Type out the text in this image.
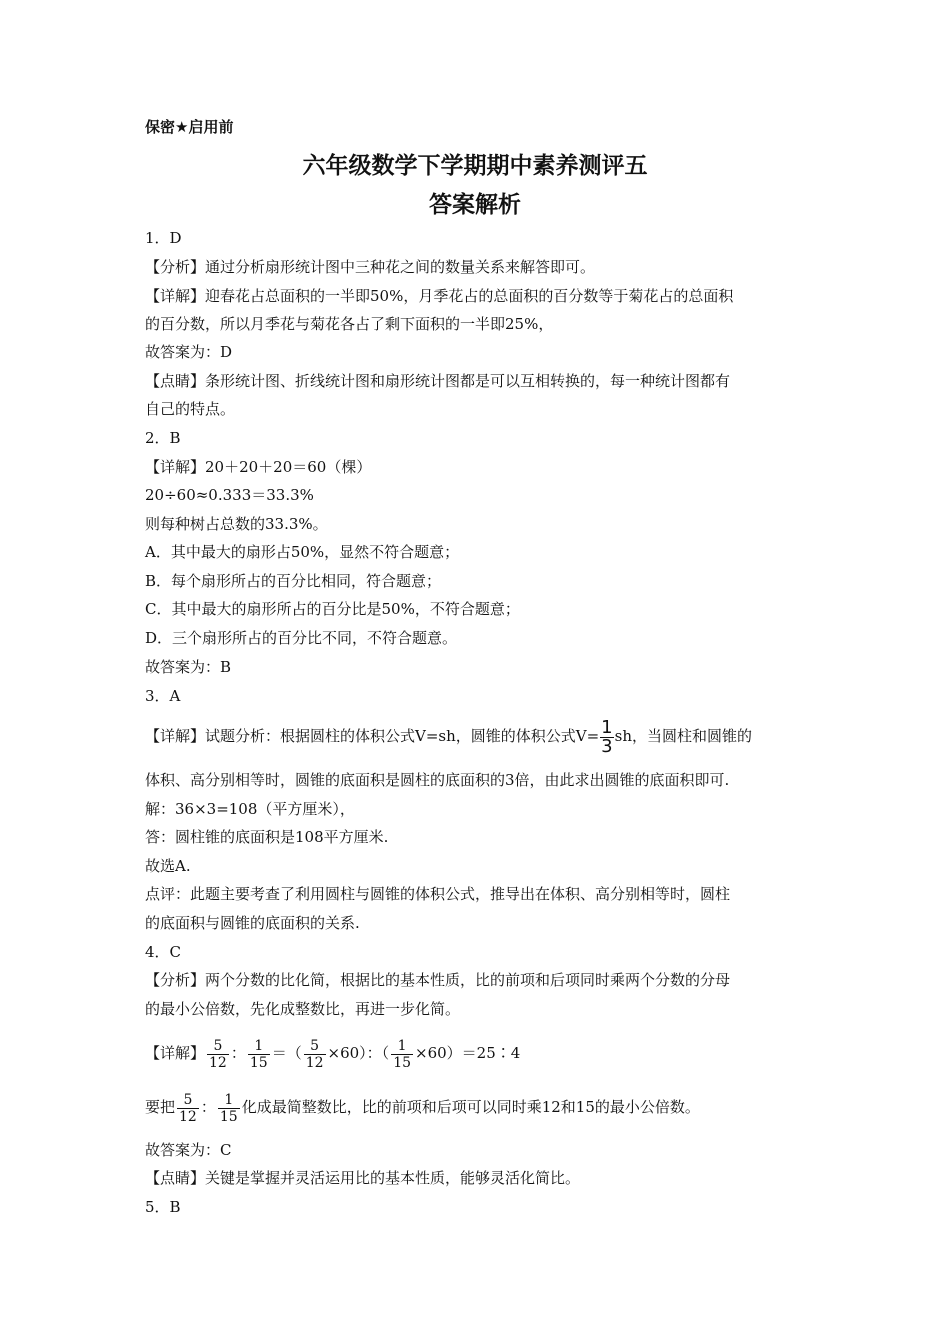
保密★启用前
六年级数学下学期期中素养测评五
答案解析
1．D
【分析】通过分析扇形统计图中三种花之间的数量关系来解答即可。
【详解】迎春花占总面积的一半即50%，月季花占的总面积的百分数等于菊花占的总面积
的百分数，所以月季花与菊花各占了剩下面积的一半即25%，
故答案为：D
【点睛】条形统计图、折线统计图和扇形统计图都是可以互相转换的，每一种统计图都有
自己的特点。
2．B
【详解】20＋20＋20＝60（棵）
20÷60≈0.333＝33.3%
则每种树占总数的33.3%。
A．其中最大的扇形占50%，显然不符合题意；
B．每个扇形所占的百分比相同，符合题意；
C．其中最大的扇形所占的百分比是50%，不符合题意；
D．三个扇形所占的百分比不同，不符合题意。
故答案为：B
3．A
【详解】试题分析：根据圆柱的体积公式V=sh，圆锥的体积公式$V= \frac{1}{3}$ sh，当圆柱和圆锥的
体积、高分别相等时，圆锥的底面积是圆柱的底面积的3倍，由此求出圆锥的底面积即可.
解：36×3=108（平方厘米），
答：圆柱锥的底面积是108平方厘米.
故选A.
点评：此题主要考查了利用圆柱与圆锥的体积公式，推导出在体积、高分别相等时，圆柱
的底面积与圆锥的底面积的关系.
4．C
【分析】两个分数的比化简，根据比的基本性质，比的前项和后项同时乘两个分数的分母
的最小公倍数，先化成整数比，再进一步化简。
【详解】 $\frac{5}{12}$ ： $\frac{1}{15}$ ＝（ $\frac{5}{12} \times 60$）：（ $\frac{1}{15}$ ×60）＝25∶4
要把 $\frac{5}{12}$ ： $\frac{1}{15}$ 化成最简整数比，比的前项和后项可以同时乘12和15的最小公倍数。
故答案为：C
【点睛】关键是掌握并灵活运用比的基本性质，能够灵活化简比。
5．B
